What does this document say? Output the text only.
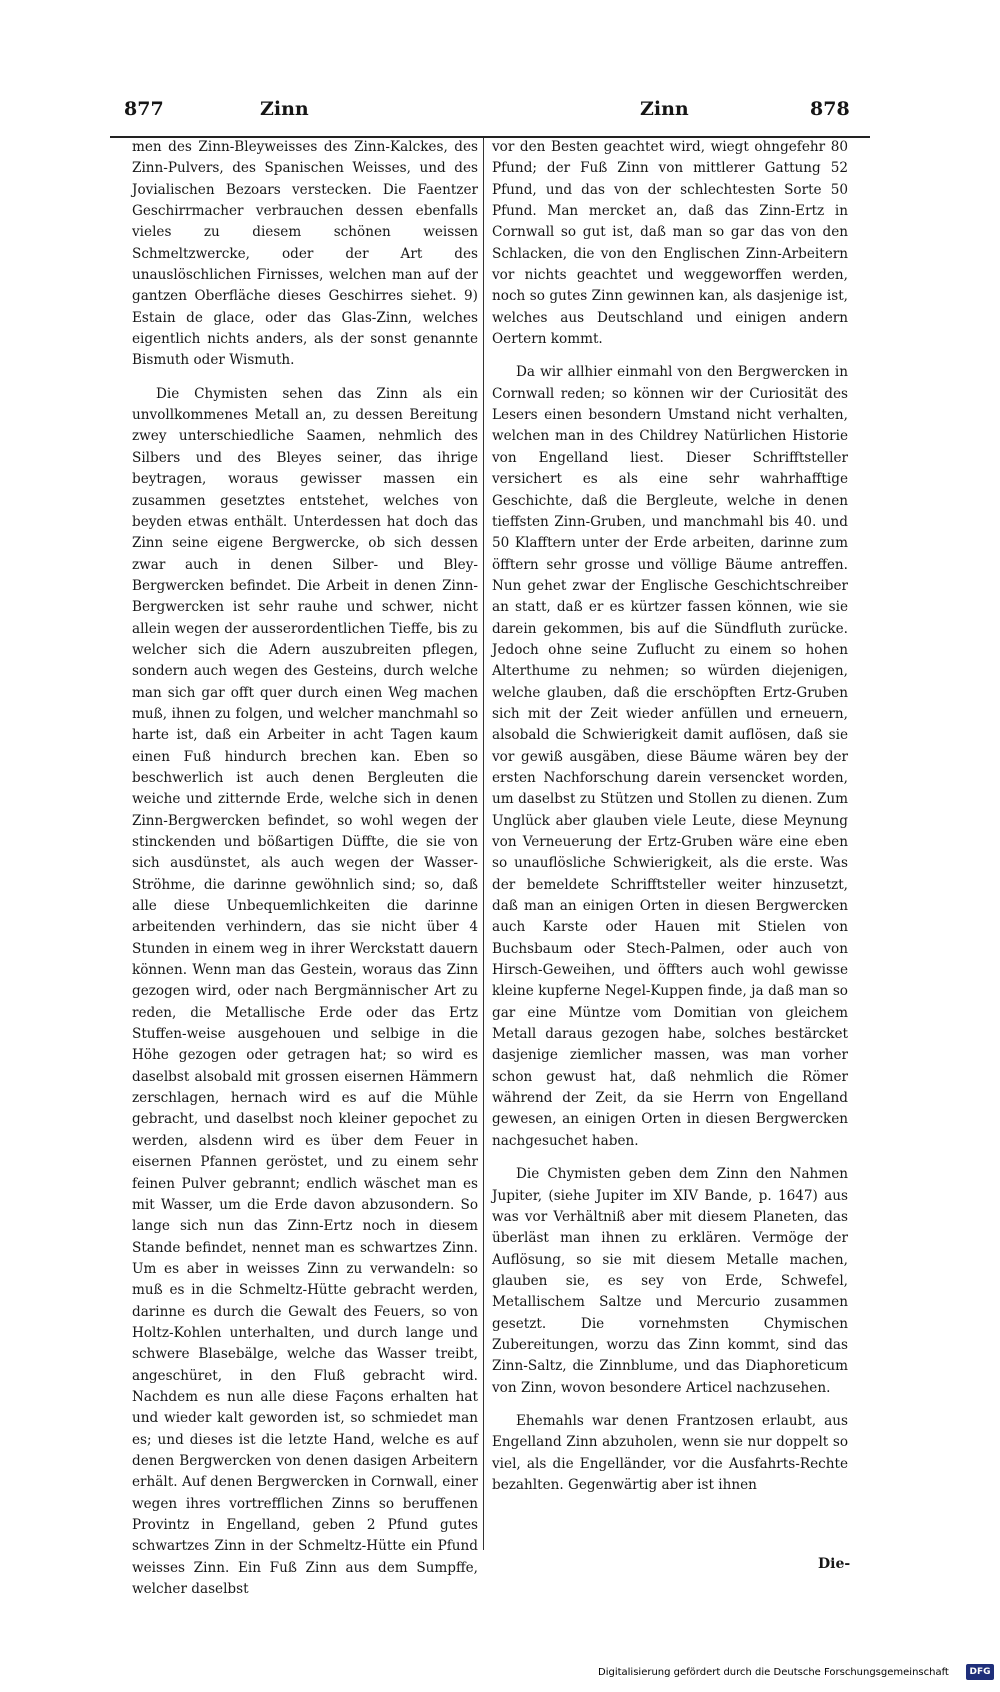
877	Zinn	Zinn	878

men des Zinn-Bleyweisses des Zinn-Kalckes, des Zinn-Pulvers, des Spanischen Weisses, und des Jovialischen Bezoars verstecken. Die Faentzer Geschirrmacher verbrauchen dessen ebenfalls vieles zu diesem schönen weissen Schmeltzwercke, oder der Art des unauslöschlichen Firnisses, welchen man auf der gantzen Oberfläche dieses Geschirres siehet. 9) Estain de glace, oder das Glas-Zinn, welches eigentlich nichts anders, als der sonst genannte Bismuth oder Wismuth.

Die Chymisten sehen das Zinn als ein unvollkommenes Metall an, zu dessen Bereitung zwey unterschiedliche Saamen, nehmlich des Silbers und des Bleyes seiner, das ihrige beytragen, woraus gewisser massen ein zusammen gesetztes entstehet, welches von beyden etwas enthält. Unterdessen hat doch das Zinn seine eigene Bergwercke, ob sich dessen zwar auch in denen Silber- und Bley-Bergwercken befindet. Die Arbeit in denen Zinn-Bergwercken ist sehr rauhe und schwer, nicht allein wegen der ausserordentlichen Tieffe, bis zu welcher sich die Adern auszubreiten pflegen, sondern auch wegen des Gesteins, durch welche man sich gar offt quer durch einen Weg machen muß, ihnen zu folgen, und welcher manchmahl so harte ist, daß ein Arbeiter in acht Tagen kaum einen Fuß hindurch brechen kan. Eben so beschwerlich ist auch denen Bergleuten die weiche und zitternde Erde, welche sich in denen Zinn-Bergwercken befindet, so wohl wegen der stinckenden und bößartigen Düffte, die sie von sich ausdünstet, als auch wegen der Wasser-Ströhme, die darinne gewöhnlich sind; so, daß alle diese Unbequemlichkeiten die darinne arbeitenden verhindern, das sie nicht über 4 Stunden in einem weg in ihrer Werckstatt dauern können. Wenn man das Gestein, woraus das Zinn gezogen wird, oder nach Bergmännischer Art zu reden, die Metallische Erde oder das Ertz Stuffen-weise ausgehouen und selbige in die Höhe gezogen oder getragen hat; so wird es daselbst alsobald mit grossen eisernen Hämmern zerschlagen, hernach wird es auf die Mühle gebracht, und daselbst noch kleiner gepochet zu werden, alsdenn wird es über dem Feuer in eisernen Pfannen geröstet, und zu einem sehr feinen Pulver gebrannt; endlich wäschet man es mit Wasser, um die Erde davon abzusondern. So lange sich nun das Zinn-Ertz noch in diesem Stande befindet, nennet man es schwartzes Zinn. Um es aber in weisses Zinn zu verwandeln: so muß es in die Schmeltz-Hütte gebracht werden, darinne es durch die Gewalt des Feuers, so von Holtz-Kohlen unterhalten, und durch lange und schwere Blasebälge, welche das Wasser treibt, angeschüret, in den Fluß gebracht wird. Nachdem es nun alle diese Façons erhalten hat und wieder kalt geworden ist, so schmiedet man es; und dieses ist die letzte Hand, welche es auf denen Bergwercken von denen dasigen Arbeitern erhält. Auf denen Bergwercken in Cornwall, einer wegen ihres vortrefflichen Zinns so beruffenen Provintz in Engelland, geben 2 Pfund gutes schwartzes Zinn in der Schmeltz-Hütte ein Pfund weisses Zinn. Ein Fuß Zinn aus dem Sumpffe, welcher daselbst

vor den Besten geachtet wird, wiegt ohngefehr 80 Pfund; der Fuß Zinn von mittlerer Gattung 52 Pfund, und das von der schlechtesten Sorte 50 Pfund. Man mercket an, daß das Zinn-Ertz in Cornwall so gut ist, daß man so gar das von den Schlacken, die von den Englischen Zinn-Arbeitern vor nichts geachtet und weggeworffen werden, noch so gutes Zinn gewinnen kan, als dasjenige ist, welches aus Deutschland und einigen andern Oertern kommt.

Da wir allhier einmahl von den Bergwercken in Cornwall reden; so können wir der Curiosität des Lesers einen besondern Umstand nicht verhalten, welchen man in des Childrey Natürlichen Historie von Engelland liest. Dieser Schrifftsteller versichert es als eine sehr wahrhafftige Geschichte, daß die Bergleute, welche in denen tieffsten Zinn-Gruben, und manchmahl bis 40. und 50 Klafftern unter der Erde arbeiten, darinne zum öfftern sehr grosse und völlige Bäume antreffen. Nun gehet zwar der Englische Geschichtschreiber an statt, daß er es kürtzer fassen können, wie sie darein gekommen, bis auf die Sündfluth zurücke. Jedoch ohne seine Zuflucht zu einem so hohen Alterthume zu nehmen; so würden diejenigen, welche glauben, daß die erschöpften Ertz-Gruben sich mit der Zeit wieder anfüllen und erneuern, alsobald die Schwierigkeit damit auflösen, daß sie vor gewiß ausgäben, diese Bäume wären bey der ersten Nachforschung darein versencket worden, um daselbst zu Stützen und Stollen zu dienen. Zum Unglück aber glauben viele Leute, diese Meynung von Verneuerung der Ertz-Gruben wäre eine eben so unauflösliche Schwierigkeit, als die erste. Was der bemeldete Schrifftsteller weiter hinzusetzt, daß man an einigen Orten in diesen Bergwercken auch Karste oder Hauen mit Stielen von Buchsbaum oder Stech-Palmen, oder auch von Hirsch-Geweihen, und öffters auch wohl gewisse kleine kupferne Negel-Kuppen finde, ja daß man so gar eine Müntze vom Domitian von gleichem Metall daraus gezogen habe, solches bestärcket dasjenige ziemlicher massen, was man vorher schon gewust hat, daß nehmlich die Römer während der Zeit, da sie Herrn von Engelland gewesen, an einigen Orten in diesen Bergwercken nachgesuchet haben.

Die Chymisten geben dem Zinn den Nahmen Jupiter, (siehe Jupiter im XIV Bande, p. 1647) aus was vor Verhältniß aber mit diesem Planeten, das überläst man ihnen zu erklären. Vermöge der Auflösung, so sie mit diesem Metalle machen, glauben sie, es sey von Erde, Schwefel, Metallischem Saltze und Mercurio zusammen gesetzt. Die vornehmsten Chymischen Zubereitungen, worzu das Zinn kommt, sind das Zinn-Saltz, die Zinnblume, und das Diaphoreticum von Zinn, wovon besondere Articel nachzusehen.

Ehemahls war denen Frantzosen erlaubt, aus Engelland Zinn abzuholen, wenn sie nur doppelt so viel, als die Engelländer, vor die Ausfahrts-Rechte bezahlten. Gegenwärtig aber ist ihnen

Die-
Digitalisierung gefördert durch die Deutsche Forschungsgemeinschaft	DFG
